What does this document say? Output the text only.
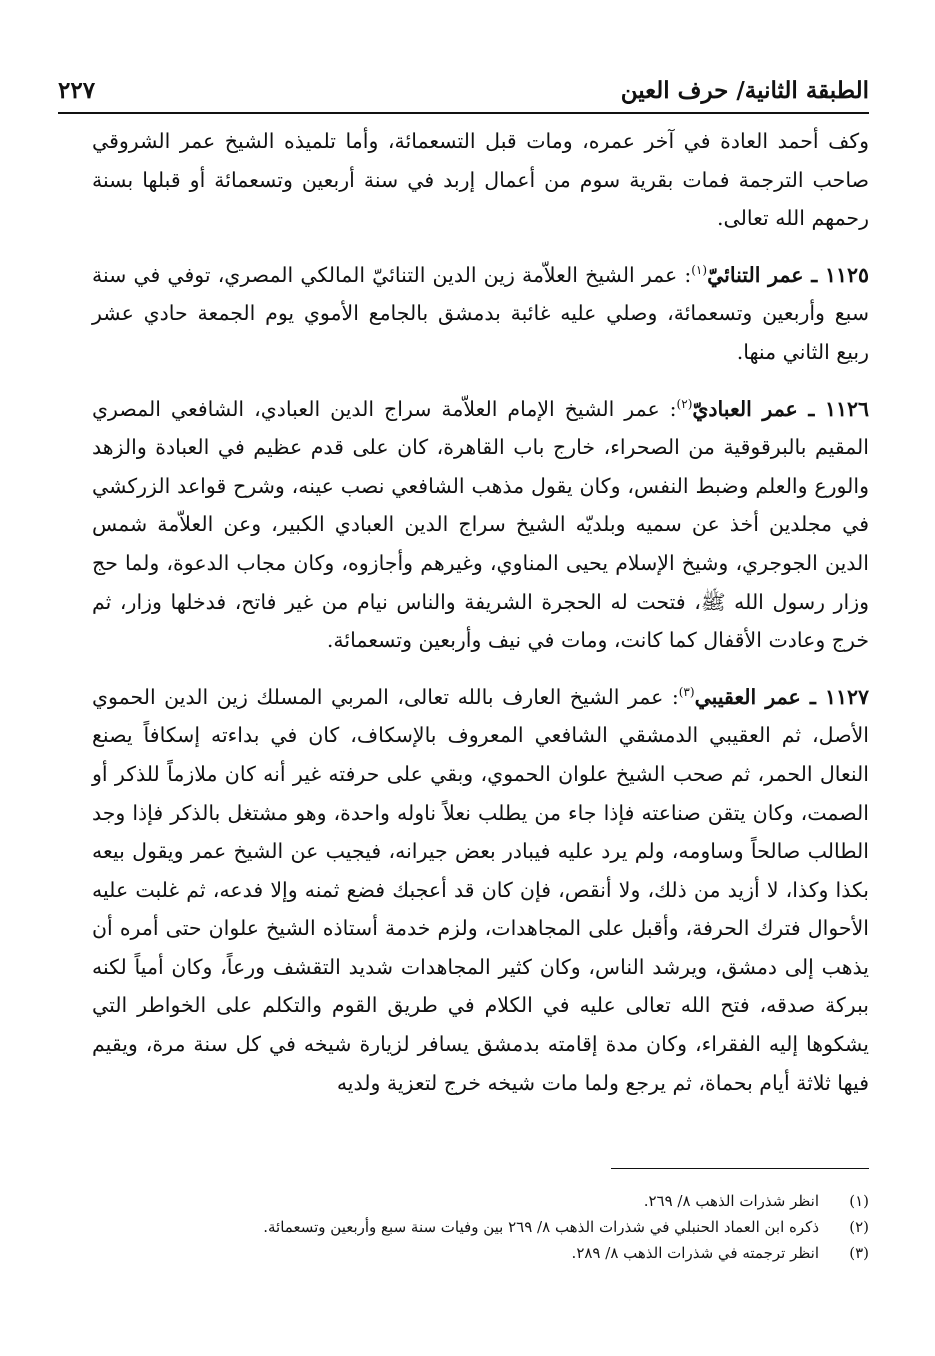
الطبقة الثانية/ حرف العين
٢٢٧

وكف أحمد العادة في آخر عمره، ومات قبل التسعمائة، وأما تلميذه الشيخ عمر الشروقي صاحب الترجمة فمات بقرية سوم من أعمال إربد في سنة أربعين وتسعمائة أو قبلها بسنة رحمهم الله تعالى.

١١٢٥ ـ عمر التنائيّ$^{(١)}$: عمر الشيخ العلاّمة زين الدين التنائيّ المالكي المصري، توفي في سنة سبع وأربعين وتسعمائة، وصلي عليه غائبة بدمشق بالجامع الأموي يوم الجمعة حادي عشر ربيع الثاني منها.

١١٢٦ ـ عمر العباديّ$^{(٢)}$: عمر الشيخ الإمام العلاّمة سراج الدين العبادي، الشافعي المصري المقيم بالبرقوقية من الصحراء، خارج باب القاهرة، كان على قدم عظيم في العبادة والزهد والورع والعلم وضبط النفس، وكان يقول مذهب الشافعي نصب عينه، وشرح قواعد الزركشي في مجلدين أخذ عن سميه وبلديّه الشيخ سراج الدين العبادي الكبير، وعن العلاّمة شمس الدين الجوجري، وشيخ الإسلام يحيى المناوي، وغيرهم وأجازوه، وكان مجاب الدعوة، ولما حج وزار رسول الله ﷺ، فتحت له الحجرة الشريفة والناس نيام من غير فاتح، فدخلها وزار، ثم خرج وعادت الأقفال كما كانت، ومات في نيف وأربعين وتسعمائة.

١١٢٧ ـ عمر العقيبي$^{(٣)}$: عمر الشيخ العارف بالله تعالى، المربي المسلك زين الدين الحموي الأصل، ثم العقيبي الدمشقي الشافعي المعروف بالإسكاف، كان في بداءته إسكافاً يصنع النعال الحمر، ثم صحب الشيخ علوان الحموي، وبقي على حرفته غير أنه كان ملازماً للذكر أو الصمت، وكان يتقن صناعته فإذا جاء من يطلب نعلاً ناوله واحدة، وهو مشتغل بالذكر فإذا وجد الطالب صالحاً وساومه، ولم يرد عليه فيبادر بعض جيرانه، فيجيب عن الشيخ عمر ويقول بيعه بكذا وكذا، لا أزيد من ذلك، ولا أنقص، فإن كان قد أعجبك فضع ثمنه وإلا فدعه، ثم غلبت عليه الأحوال فترك الحرفة، وأقبل على المجاهدات، ولزم خدمة أستاذه الشيخ علوان حتى أمره أن يذهب إلى دمشق، ويرشد الناس، وكان كثير المجاهدات شديد التقشف ورعاً، وكان أمياً لكنه ببركة صدقه، فتح الله تعالى عليه في الكلام في طريق القوم والتكلم على الخواطر التي يشكوها إليه الفقراء، وكان مدة إقامته بدمشق يسافر لزيارة شيخه في كل سنة مرة، ويقيم فيها ثلاثة أيام بحماة، ثم يرجع ولما مات شيخه خرج لتعزية ولديه

(١)
انظر شذرات الذهب ٨/ ٢٦٩.
(٢)
ذكره ابن العماد الحنبلي في شذرات الذهب ٨/ ٢٦٩ بين وفيات سنة سبع وأربعين وتسعمائة.
(٣)
انظر ترجمته في شذرات الذهب ٨/ ٢٨٩.
